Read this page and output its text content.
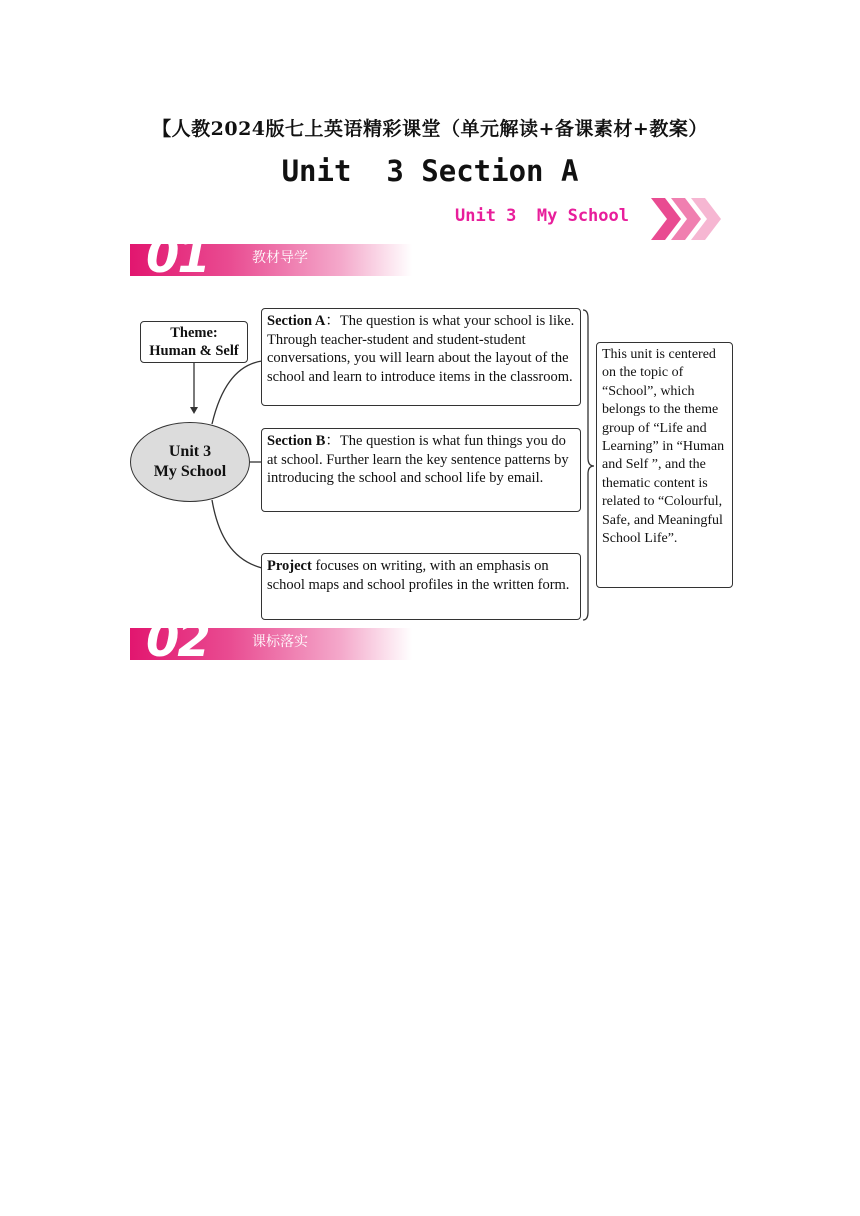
【人教2024版七上英语精彩课堂（单元解读+备课素材+教案）
Unit  3 Section A
Unit 3  My School
01	教材导学
Theme:
Human & Self
Unit 3
My School
Section A：The question is what your school is like. Through teacher-student and student-student conversations, you will learn about the layout of the school and learn to introduce items in the classroom.
Section B：The question is what fun things you do at school. Further learn the key sentence patterns by introducing the school and school life by email.
Project focuses on writing, with an emphasis on school maps and school profiles in the written form.
This unit is centered on the topic of “School”, which belongs to the theme group of “Life and Learning” in “Human and Self ”, and the thematic content is related to “Colourful, Safe, and Meaningful School Life”.
02	课标落实
